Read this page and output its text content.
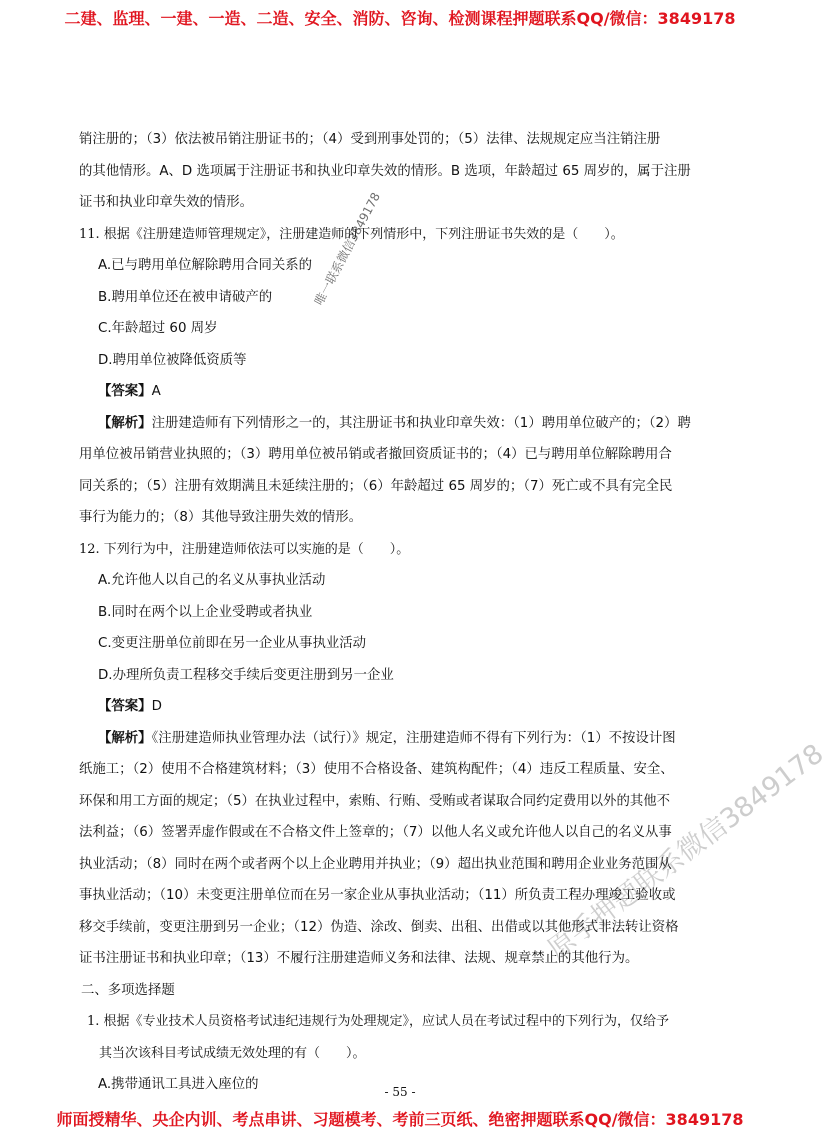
二建、监理、一建、一造、二造、安全、消防、咨询、检测课程押题联系QQ/微信：3849178
唯一联系微信3849178
原手押题联系微信3849178
销注册的；（3）依法被吊销注册证书的；（4）受到刑事处罚的；（5）法律、法规规定应当注销注册
的其他情形。A、D 选项属于注册证书和执业印章失效的情形。B 选项，年龄超过 65 周岁的，属于注册
证书和执业印章失效的情形。
11. 根据《注册建造师管理规定》，注册建造师的下列情形中，下列注册证书失效的是（　　）。
A.已与聘用单位解除聘用合同关系的
B.聘用单位还在被申请破产的
C.年龄超过 60 周岁
D.聘用单位被降低资质等
【答案】A
【解析】注册建造师有下列情形之一的，其注册证书和执业印章失效：（1）聘用单位破产的；（2）聘
用单位被吊销营业执照的；（3）聘用单位被吊销或者撤回资质证书的；（4）已与聘用单位解除聘用合
同关系的；（5）注册有效期满且未延续注册的；（6）年龄超过 65 周岁的；（7）死亡或不具有完全民
事行为能力的；（8）其他导致注册失效的情形。
12. 下列行为中，注册建造师依法可以实施的是（　　）。
A.允许他人以自己的名义从事执业活动
B.同时在两个以上企业受聘或者执业
C.变更注册单位前即在另一企业从事执业活动
D.办理所负责工程移交手续后变更注册到另一企业
【答案】D
【解析】《注册建造师执业管理办法（试行）》规定，注册建造师不得有下列行为：（1）不按设计图
纸施工；（2）使用不合格建筑材料；（3）使用不合格设备、建筑构配件；（4）违反工程质量、安全、
环保和用工方面的规定；（5）在执业过程中，索贿、行贿、受贿或者谋取合同约定费用以外的其他不
法利益；（6）签署弄虚作假或在不合格文件上签章的；（7）以他人名义或允许他人以自己的名义从事
执业活动；（8）同时在两个或者两个以上企业聘用并执业；（9）超出执业范围和聘用企业业务范围从
事执业活动；（10）未变更注册单位而在另一家企业从事执业活动；（11）所负责工程办理竣工验收或
移交手续前，变更注册到另一企业；（12）伪造、涂改、倒卖、出租、出借或以其他形式非法转让资格
证书注册证书和执业印章；（13）不履行注册建造师义务和法律、法规、规章禁止的其他行为。
二、多项选择题
1. 根据《专业技术人员资格考试违纪违规行为处理规定》，应试人员在考试过程中的下列行为，仅给予
其当次该科目考试成绩无效处理的有（　　）。
A.携带通讯工具进入座位的	- 55 -
师面授精华、央企内训、考点串讲、习题模考、考前三页纸、绝密押题联系QQ/微信：3849178
